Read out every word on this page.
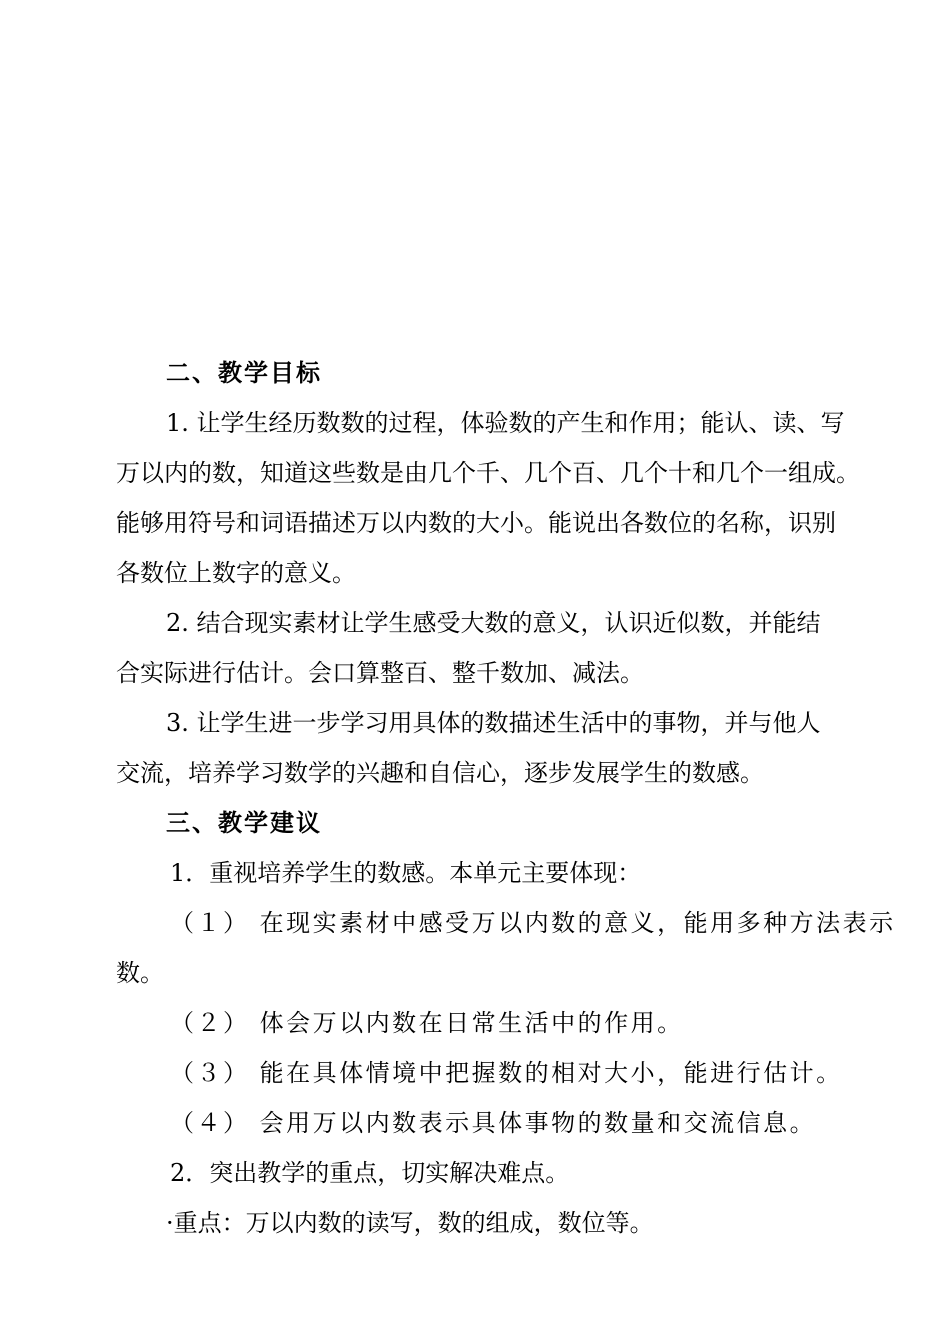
二、教学目标
1. 让学生经历数数的过程，体验数的产生和作用；能认、读、写
万以内的数，知道这些数是由几个千、几个百、几个十和几个一组成。
能够用符号和词语描述万以内数的大小。能说出各数位的名称，识别
各数位上数字的意义。
2. 结合现实素材让学生感受大数的意义，认识近似数，并能结
合实际进行估计。会口算整百、整千数加、减法。
3. 让学生进一步学习用具体的数描述生活中的事物，并与他人
交流，培养学习数学的兴趣和自信心，逐步发展学生的数感。
三、教学建议
1．重视培养学生的数感。本单元主要体现：
（１） 在现实素材中感受万以内数的意义，能用多种方法表示
数。
（２） 体会万以内数在日常生活中的作用。
（３） 能在具体情境中把握数的相对大小，能进行估计。
（４） 会用万以内数表示具体事物的数量和交流信息。
2．突出教学的重点，切实解决难点。
·重点：万以内数的读写，数的组成，数位等。
